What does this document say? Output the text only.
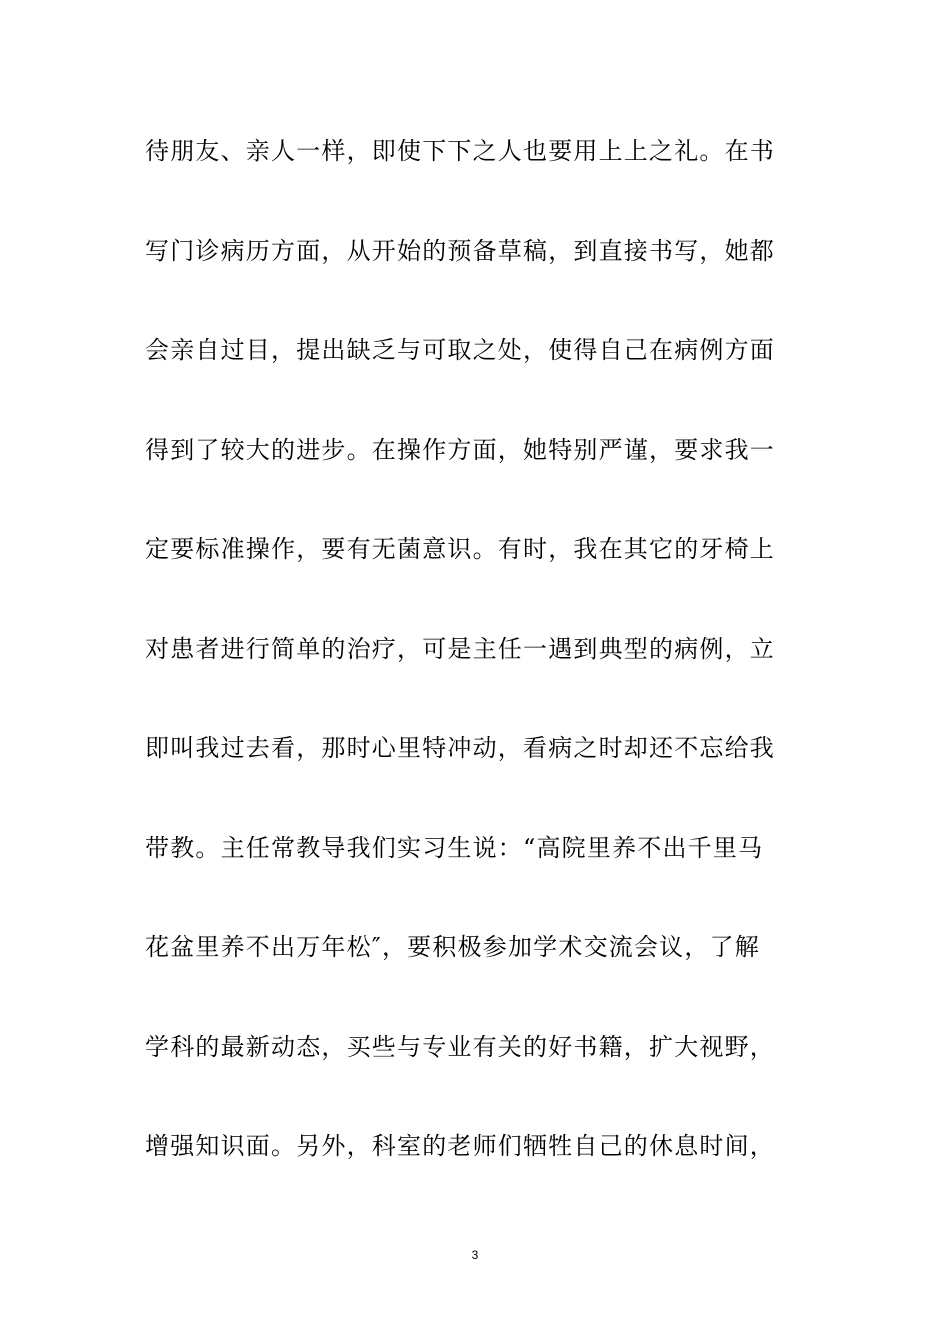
待朋友、亲人一样，即使下下之人也要用上上之礼。在书
写门诊病历方面，从开始的预备草稿，到直接书写，她都
会亲自过目，提出缺乏与可取之处，使得自己在病例方面
得到了较大的进步。在操作方面，她特别严谨，要求我一
定要标准操作，要有无菌意识。有时，我在其它的牙椅上
对患者进行简单的治疗，可是主任一遇到典型的病例，立
即叫我过去看，那时心里特冲动，看病之时却还不忘给我
带教。主任常教导我们实习生说：“高院里养不出千里马
花盆里养不出万年松″，要积极参加学术交流会议，了解
学科的最新动态，买些与专业有关的好书籍，扩大视野，
增强知识面。另外，科室的老师们牺牲自己的休息时间，
3
